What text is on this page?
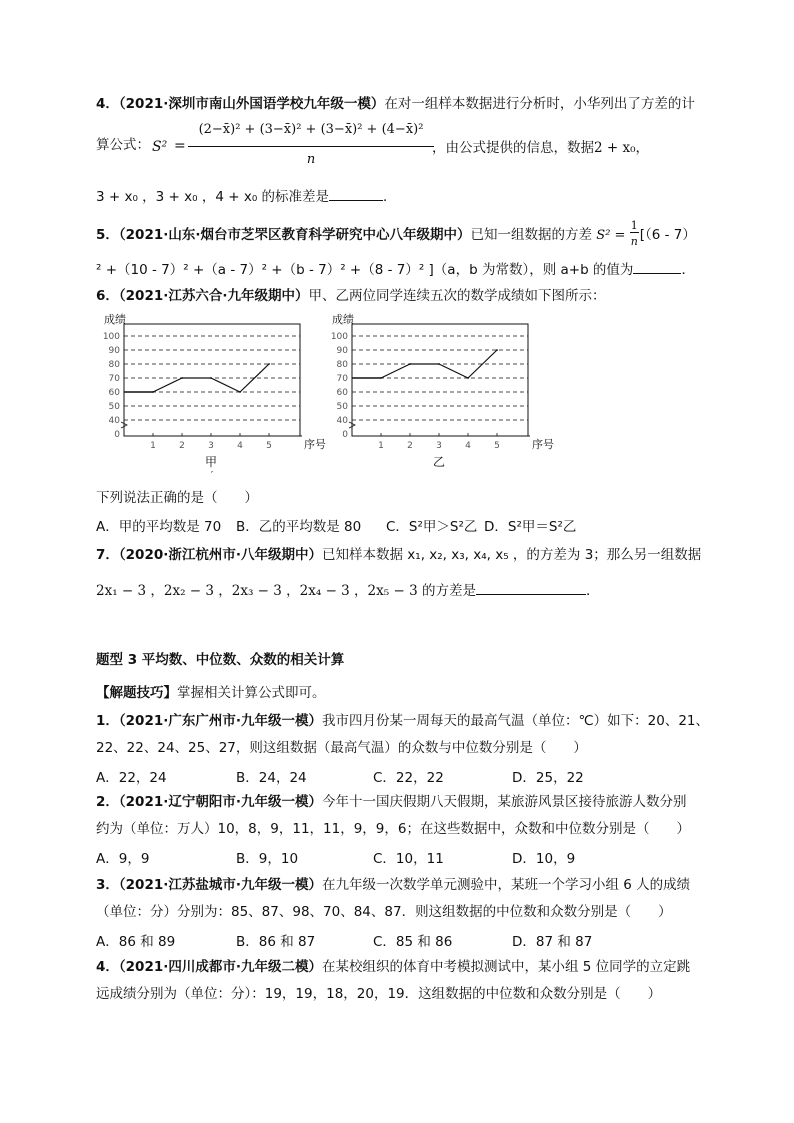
4．（2021·深圳市南山外国语学校九年级一模）在对一组样本数据进行分析时，小华列出了方差的计
算公式： S² =
(2−x̄)² + (3−x̄)² + (3−x̄)² + (4−x̄)²
n
，由公式提供的信息，数据2 + x₀，
3 + x₀ ，3 + x₀ ，4 + x₀ 的标准差是	．
5．（2021·山东·烟台市芝罘区教育科学研究中心八年级期中）已知一组数据的方差 $S^2 = \frac{1}{n} [(6 - 7)$
² +（10 - 7）² +（a - 7）² +（b - 7）² +（8 - 7）² ]（a，b 为常数），则 a+b 的值为	．
6．（2021·江苏六合·九年级期中）甲、乙两位同学连续五次的数学成绩如下图所示：
0
40
50
60
70
80
90
100
成绩
1	2	3	4	5	序号
甲
′
0
40
50
60
70
80
90
100
成绩
1	2	3	4	5	序号
乙
下列说法正确的是（　　）
A．甲的平均数是 70 B．乙的平均数是 80 C．S²甲＞S²乙 D．S²甲＝S²乙
7．（2020·浙江杭州市·八年级期中）已知样本数据 x₁, x₂, x₃, x₄, x₅ ，的方差为 3；那么另一组数据
2x₁ − 3 ，2x₂ − 3 ，2x₃ − 3 ，2x₄ − 3 ，2x₅ − 3 的方差是	．
题型 3 平均数、中位数、众数的相关计算
【解题技巧】掌握相关计算公式即可。
1．（2021·广东广州市·九年级一模）我市四月份某一周每天的最高气温（单位：℃）如下：20、21、
22、22、24、25、27，则这组数据（最高气温）的众数与中位数分别是（　　）
A．22，24	B．24，24	C．22，22	D．25，22
2．（2021·辽宁朝阳市·九年级一模）今年十一国庆假期八天假期，某旅游风景区接待旅游人数分别
约为（单位：万人）10，8，9，11，11，9，9，6；在这些数据中，众数和中位数分别是（　　）
A．9，9	B．9，10	C．10，11	D．10，9
3．（2021·江苏盐城市·九年级一模）在九年级一次数学单元测验中，某班一个学习小组 6 人的成绩
（单位：分）分别为：85、87、98、70、84、87．则这组数据的中位数和众数分别是（　　）
A．86 和 89	B．86 和 87	C．85 和 86	D．87 和 87
4．（2021·四川成都市·九年级二模）在某校组织的体育中考模拟测试中，某小组 5 位同学的立定跳
远成绩分别为（单位：分）：19，19，18，20，19．这组数据的中位数和众数分别是（　　）
